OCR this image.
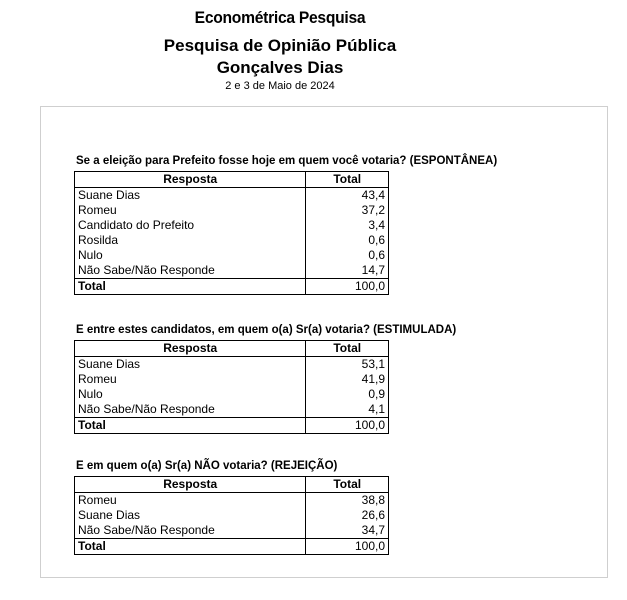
Econométrica Pesquisa
Pesquisa de Opinião Pública
Gonçalves Dias
2 e 3 de Maio de 2024
Se a eleição para Prefeito fosse hoje em quem você votaria? (ESPONTÂNEA)
Resposta	Total
Suane Dias	43,4
Romeu	37,2
Candidato do Prefeito	3,4
Rosilda	0,6
Nulo	0,6
Não Sabe/Não Responde	14,7
Total	100,0
E entre estes candidatos, em quem o(a) Sr(a) votaria? (ESTIMULADA)
Resposta	Total
Suane Dias	53,1
Romeu	41,9
Nulo	0,9
Não Sabe/Não Responde	4,1
Total	100,0
E em quem o(a) Sr(a) NÃO votaria? (REJEIÇÃO)
Resposta	Total
Romeu	38,8
Suane Dias	26,6
Não Sabe/Não Responde	34,7
Total	100,0
